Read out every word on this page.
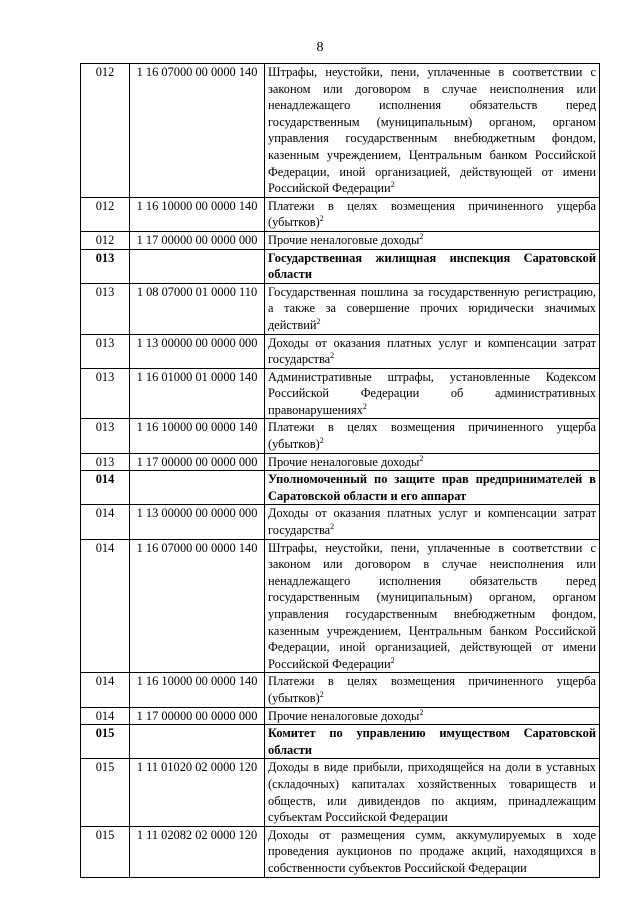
8
012	1 16 07000 00 0000 140	Штрафы, неустойки, пени, уплаченные в соответствии с законом или договором в случае неисполнения или ненадлежащего исполнения обязательств перед государственным (муниципальным) органом, органом управления государственным внебюджетным фондом, казенным учреждением, Центральным банком Российской Федерации, иной организацией, действующей от имени Российской Федерации$^2$
012	1 16 10000 00 0000 140	Платежи в целях возмещения причиненного ущерба (убытков)$^2$
012	1 17 00000 00 0000 000	Прочие неналоговые доходы$^2$
013		Государственная жилищная инспекция Саратовской области
013	1 08 07000 01 0000 110	Государственная пошлина за государственную регистрацию, а также за совершение прочих юридически значимых действий$^2$
013	1 13 00000 00 0000 000	Доходы от оказания платных услуг и компенсации затрат государства$^2$
013	1 16 01000 01 0000 140	Административные штрафы, установленные Кодексом Российской Федерации об административных правонарушениях$^2$
013	1 16 10000 00 0000 140	Платежи в целях возмещения причиненного ущерба (убытков)$^2$
013	1 17 00000 00 0000 000	Прочие неналоговые доходы$^2$
014		Уполномоченный по защите прав предпринимателей в Саратовской области и его аппарат
014	1 13 00000 00 0000 000	Доходы от оказания платных услуг и компенсации затрат государства$^2$
014	1 16 07000 00 0000 140	Штрафы, неустойки, пени, уплаченные в соответствии с законом или договором в случае неисполнения или ненадлежащего исполнения обязательств перед государственным (муниципальным) органом, органом управления государственным внебюджетным фондом, казенным учреждением, Центральным банком Российской Федерации, иной организацией, действующей от имени Российской Федерации$^2$
014	1 16 10000 00 0000 140	Платежи в целях возмещения причиненного ущерба (убытков)$^2$
014	1 17 00000 00 0000 000	Прочие неналоговые доходы$^2$
015		Комитет по управлению имуществом Саратовской области
015	1 11 01020 02 0000 120	Доходы в виде прибыли, приходящейся на доли в уставных (складочных) капиталах хозяйственных товариществ и обществ, или дивидендов по акциям, принадлежащим субъектам Российской Федерации
015	1 11 02082 02 0000 120	Доходы от размещения сумм, аккумулируемых в ходе проведения аукционов по продаже акций, находящихся в собственности субъектов Российской Федерации
